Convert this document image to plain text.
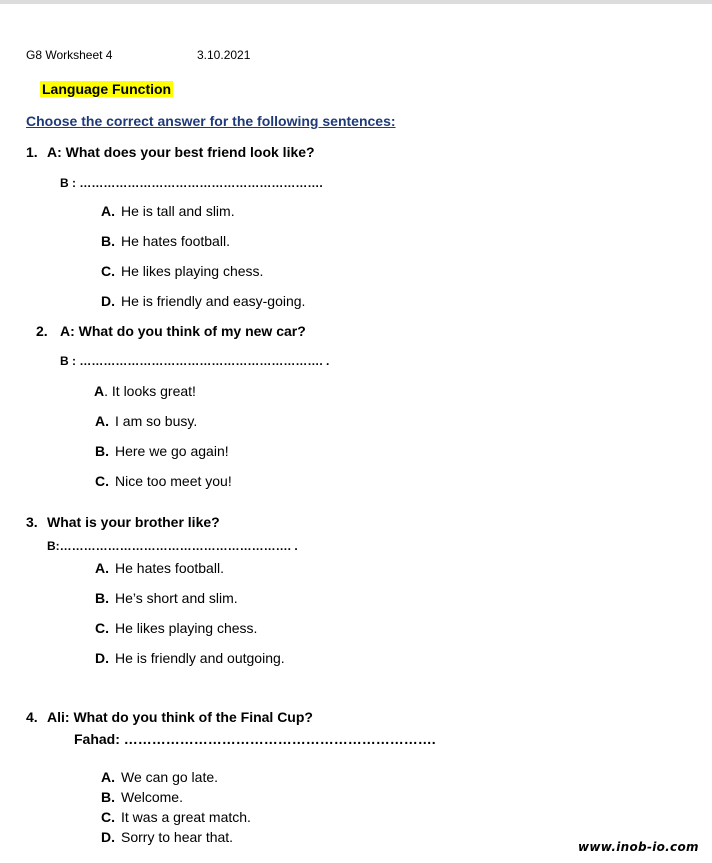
G8 Worksheet 4	3.10.2021
Language Function
Choose the correct answer for the following sentences:
1. A: What does your best friend look like?
B : …………………………………………………….
A. He is tall and slim.
B. He hates football.
C. He likes playing chess.
D. He is friendly and easy-going.
2. A: What do you think of my new car?
B : ……………………………………………………. .
A. It looks great!
A. I am so busy.
B. Here we go again!
C. Nice too meet you!
3. What is your brother like?
B:…………………………………………………. .
A. He hates football.
B. He’s short and slim.
C. He likes playing chess.
D. He is friendly and outgoing.
4. Ali: What do you think of the Final Cup?
Fahad: ………………………………………………………….
A. We can go late.
B. Welcome.
C. It was a great match.
D. Sorry to hear that.
www.inob-io.com
